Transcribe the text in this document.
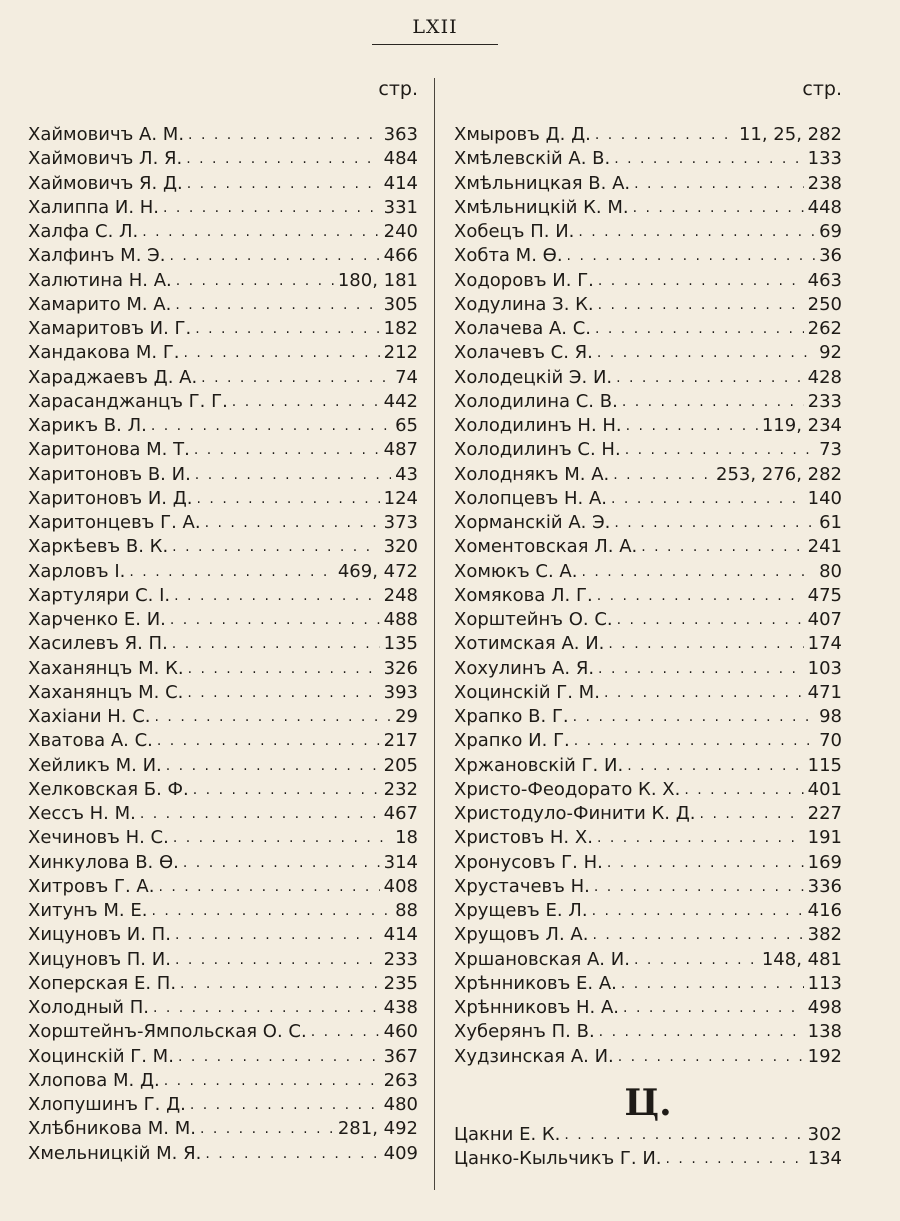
LXII
стр.
Хаймовичъ А. М. . . .	363
Хаймовичъ Л. Я. . . .	484
Хаймовичъ Я. Д. . . .	414
Халиппа И. Н. . . .	331
Халфа С. Л. . . .	240
Халфинъ М. Э. . . .	466
Халютина Н. А. . . .	180, 181
Хамарито М. А. . . .	305
Хамаритовъ И. Г. . . .	182
Хандакова М. Г. . . .	212
Хараджаевъ Д. А. . . .	74
Харасанджанцъ Г. Г. . . .	442
Харикъ В. Л. . . .	65
Харитонова М. Т. . . .	487
Харитоновъ В. И. . . .	43
Харитоновъ И. Д. . . .	124
Харитонцевъ Г. А. . . .	373
Харкѣевъ В. К. . . .	320
Харловъ I. . . .	469, 472
Хартуляри С. I. . . .	248
Харченко Е. И. . . .	488
Хасилевъ Я. П. . . .	135
Хаханянцъ М. К. . . .	326
Хаханянцъ М. С. . . .	393
Хахіани Н. С. . . .	29
Хватова А. С. . . .	217
Хейликъ М. И. . . .	205
Хелковская Б. Ф. . . .	232
Хессъ Н. М. . . .	467
Хечиновъ Н. С. . . .	18
Хинкулова В. Ѳ. . . .	314
Хитровъ Г. А. . . .	408
Хитунъ М. Е. . . .	88
Хицуновъ И. П. . . .	414
Хицуновъ П. И. . . .	233
Хоперская Е. П. . . .	235
Холодный П. . . .	438
Хорштейнъ-Ямпольская О. С. . . .	460
Хоцинскій Г. М. . . .	367
Хлопова М. Д. . . .	263
Хлопушинъ Г. Д. . . .	480
Хлѣбникова М. М. . . .	281, 492
Хмельницкій М. Я. . . .	409
стр.
Хмыровъ Д. Д. . . .	11, 25, 282
Хмѣлевскій А. В. . . .	133
Хмѣльницкая В. А. . . .	238
Хмѣльницкій К. М. . . .	448
Хобецъ П. И. . . .	69
Хобта М. Ѳ. . . .	36
Ходоровъ И. Г. . . .	463
Ходулина З. К. . . .	250
Холачева А. С. . . .	262
Холачевъ С. Я. . . .	92
Холодецкій Э. И. . . .	428
Холодилина С. В. . . .	233
Холодилинъ Н. Н. . . .	119, 234
Холодилинъ С. Н. . . .	73
Холоднякъ М. А. . . .	253, 276, 282
Холопцевъ Н. А. . . .	140
Хорманскій А. Э. . . .	61
Хоментовская Л. А. . . .	241
Хомюкъ С. А. . . .	80
Хомякова Л. Г. . . .	475
Хорштейнъ О. С. . . .	407
Хотимская А. И. . . .	174
Хохулинъ А. Я. . . .	103
Хоцинскій Г. М. . . .	471
Храпко В. Г. . . .	98
Храпко И. Г. . . .	70
Хржановскій Г. И. . . .	115
Христо-Феодорато К. Х. . . .	401
Христодуло-Финити К. Д. . . .	227
Христовъ Н. Х. . . .	191
Хронусовъ Г. Н. . . .	169
Хрустачевъ Н. . . .	336
Хрущевъ Е. Л. . . .	416
Хрущовъ Л. А. . . .	382
Хршановская А. И. . . .	148, 481
Хрѣнниковъ Е. А. . . .	113
Хрѣнниковъ Н. А. . . .	498
Хуберянъ П. В. . . .	138
Худзинская А. И. . . .	192
Ц.
Цакни Е. К. . . .	302
Цанко-Кыльчикъ Г. И. . . .	134
